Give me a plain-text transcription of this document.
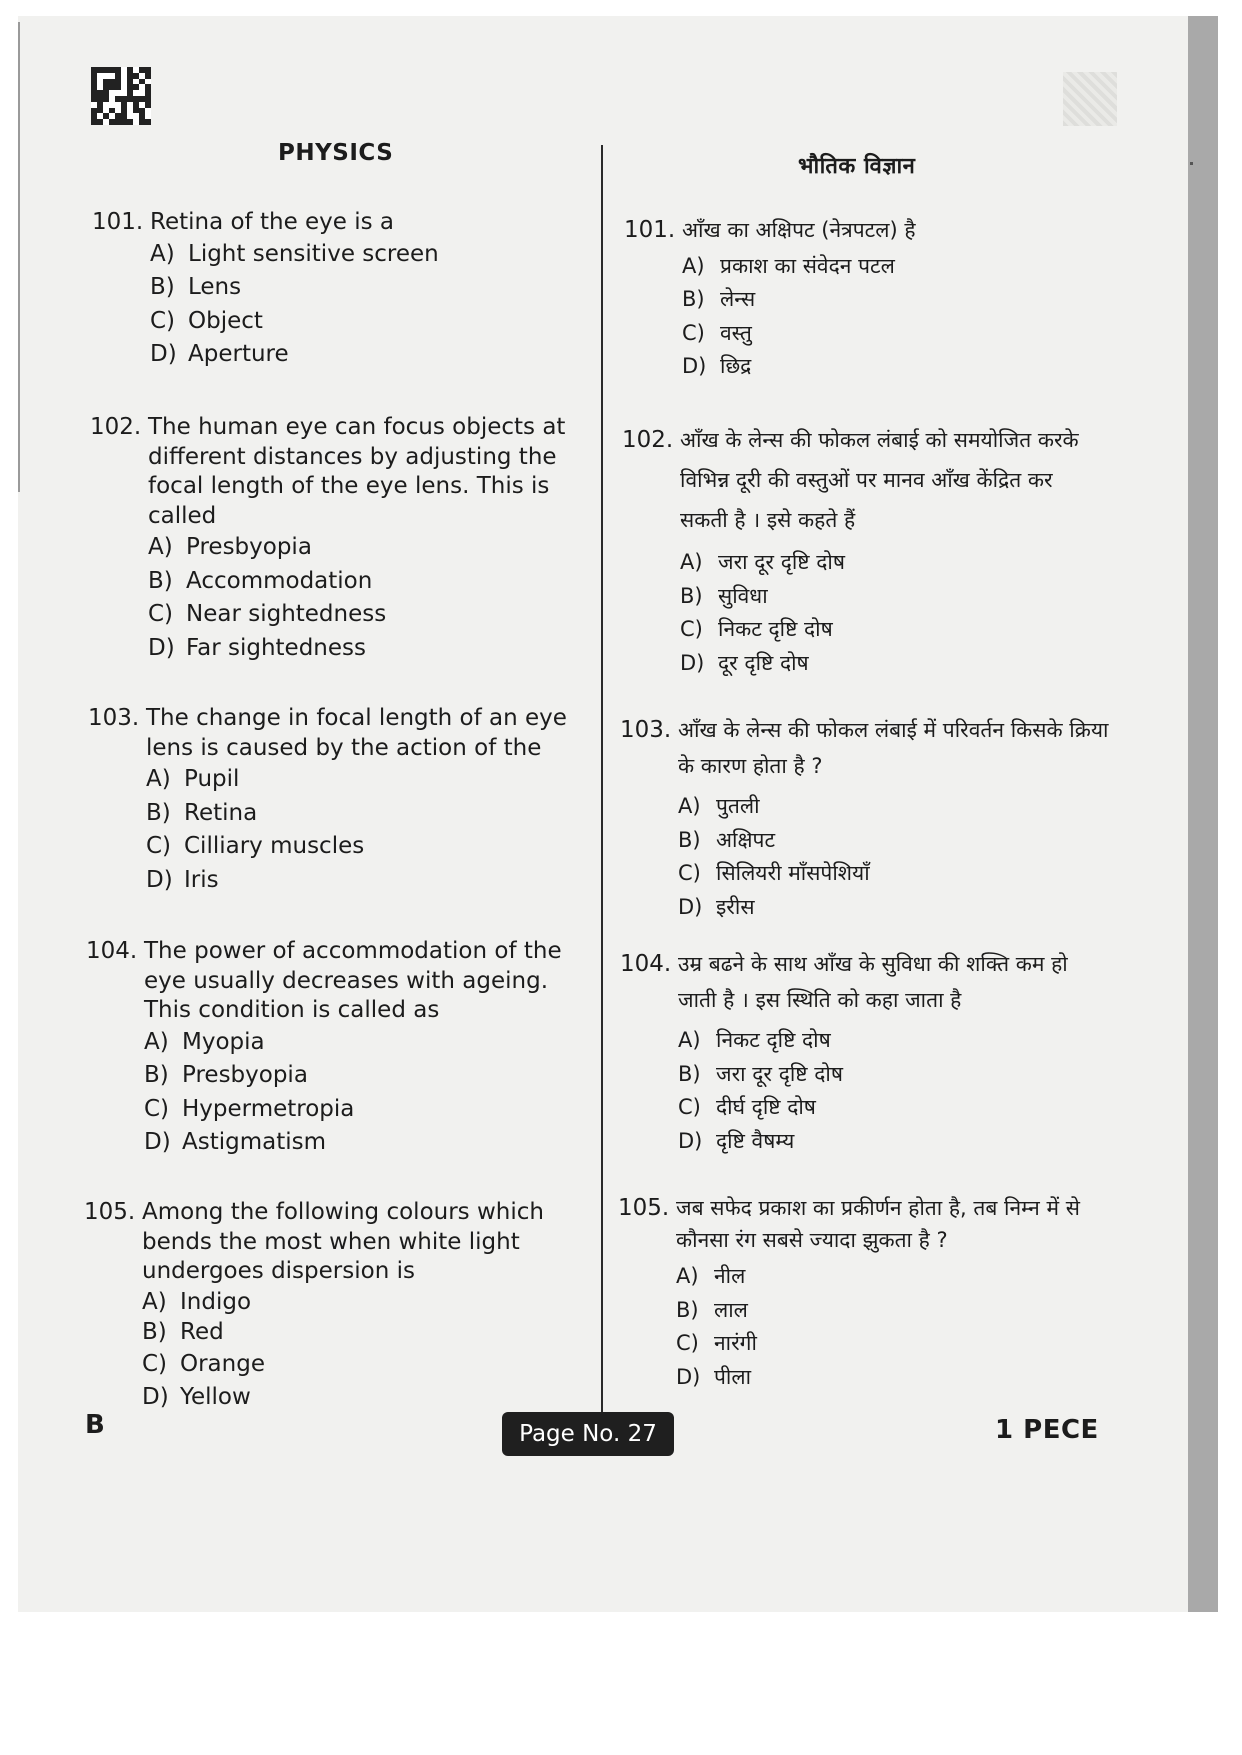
PHYSICS
भौतिक विज्ञान
101. Retina of the eye is a
A) Light sensitive screen
B) Lens
C) Object
D) Aperture
102. The human eye can focus objects at different distances by adjusting the focal length of the eye lens. This is called
A) Presbyopia
B) Accommodation
C) Near sightedness
D) Far sightedness
103. The change in focal length of an eye lens is caused by the action of the
A) Pupil
B) Retina
C) Cilliary muscles
D) Iris
104. The power of accommodation of the eye usually decreases with ageing. This condition is called as
A) Myopia
B) Presbyopia
C) Hypermetropia
D) Astigmatism
105. Among the following colours which bends the most when white light undergoes dispersion is
A) Indigo
B) Red
C) Orange
D) Yellow
101. आँख का अक्षिपट (नेत्रपटल) है
A) प्रकाश का संवेदन पटल
B) लेन्स
C) वस्तु
D) छिद्र
102. आँख के लेन्स की फोकल लंबाई को समयोजित करके विभिन्न दूरी की वस्तुओं पर मानव आँख केंद्रित कर सकती है । इसे कहते हैं
A) जरा दूर दृष्टि दोष
B) सुविधा
C) निकट दृष्टि दोष
D) दूर दृष्टि दोष
103. आँख के लेन्स की फोकल लंबाई में परिवर्तन किसके क्रिया के कारण होता है ?
A) पुतली
B) अक्षिपट
C) सिलियरी माँसपेशियाँ
D) इरीस
104. उम्र बढने के साथ आँख के सुविधा की शक्ति कम हो जाती है । इस स्थिति को कहा जाता है
A) निकट दृष्टि दोष
B) जरा दूर दृष्टि दोष
C) दीर्घ दृष्टि दोष
D) दृष्टि वैषम्य
105. जब सफेद प्रकाश का प्रकीर्णन होता है, तब निम्न में से कौनसा रंग सबसे ज्यादा झुकता है ?
A) नील
B) लाल
C) नारंगी
D) पीला
B	Page No. 27	1 PECE
